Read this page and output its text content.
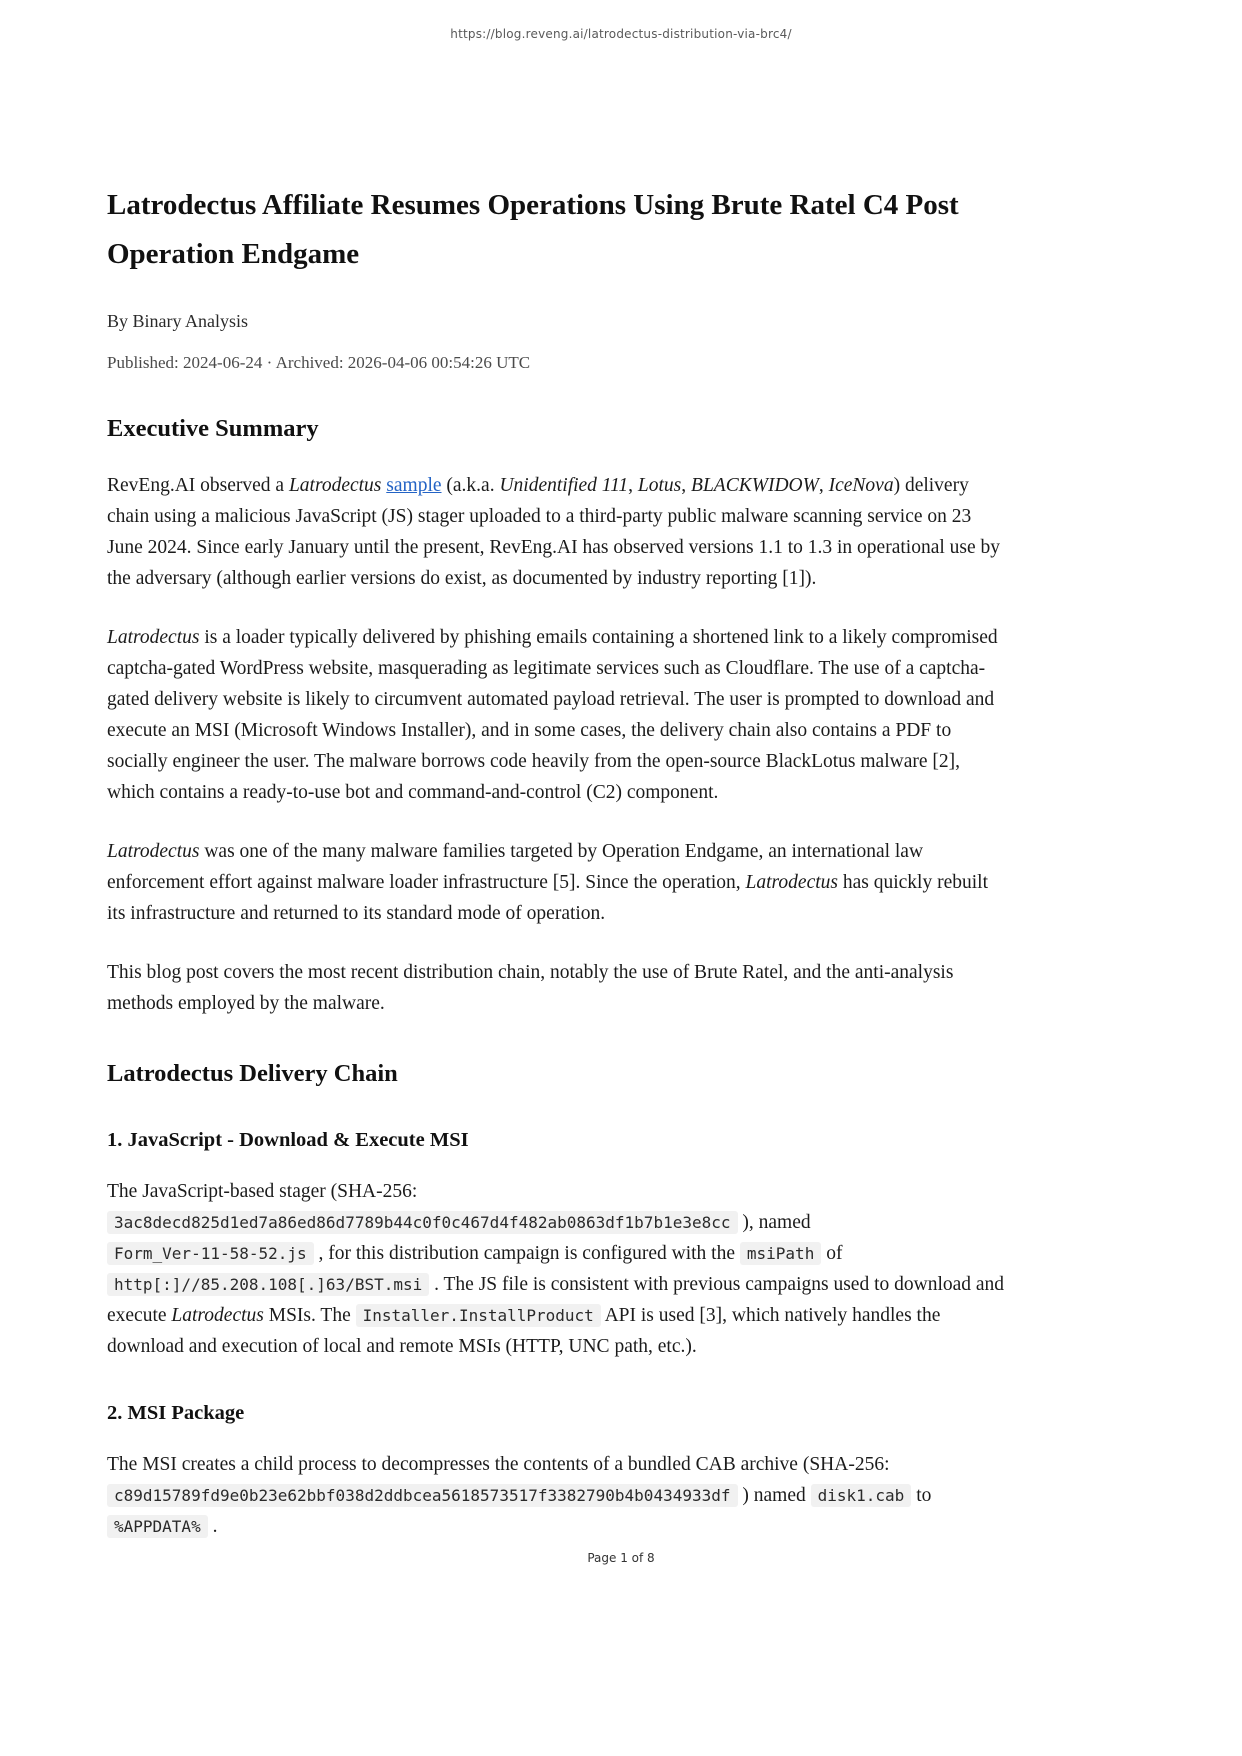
https://blog.reveng.ai/latrodectus-distribution-via-brc4/
Latrodectus Affiliate Resumes Operations Using Brute Ratel C4 Post Operation Endgame

By Binary Analysis

Published: 2024-06-24 · Archived: 2026-04-06 00:54:26 UTC

Executive Summary

RevEng.AI observed a Latrodectus sample (a.k.a. Unidentified 111, Lotus, BLACKWIDOW, IceNova) delivery chain using a malicious JavaScript (JS) stager uploaded to a third-party public malware scanning service on 23 June 2024. Since early January until the present, RevEng.AI has observed versions 1.1 to 1.3 in operational use by the adversary (although earlier versions do exist, as documented by industry reporting [1]).

Latrodectus is a loader typically delivered by phishing emails containing a shortened link to a likely compromised captcha-gated WordPress website, masquerading as legitimate services such as Cloudflare. The use of a captcha-gated delivery website is likely to circumvent automated payload retrieval. The user is prompted to download and execute an MSI (Microsoft Windows Installer), and in some cases, the delivery chain also contains a PDF to socially engineer the user. The malware borrows code heavily from the open-source BlackLotus malware [2], which contains a ready-to-use bot and command-and-control (C2) component.

Latrodectus was one of the many malware families targeted by Operation Endgame, an international law enforcement effort against malware loader infrastructure [5]. Since the operation, Latrodectus has quickly rebuilt its infrastructure and returned to its standard mode of operation.

This blog post covers the most recent distribution chain, notably the use of Brute Ratel, and the anti-analysis methods employed by the malware.

Latrodectus Delivery Chain
1. JavaScript - Download & Execute MSI

The JavaScript-based stager (SHA-256: 3ac8decd825d1ed7a86ed86d7789b44c0f0c467d4f482ab0863df1b7b1e3e8cc ), named Form_Ver-11-58-52.js , for this distribution campaign is configured with the msiPath of http[:]//85.208.108[.]63/BST.msi . The JS file is consistent with previous campaigns used to download and execute Latrodectus MSIs. The Installer.InstallProduct API is used [3], which natively handles the download and execution of local and remote MSIs (HTTP, UNC path, etc.).

2. MSI Package

The MSI creates a child process to decompresses the contents of a bundled CAB archive (SHA-256: c89d15789fd9e0b23e62bbf038d2ddbcea5618573517f3382790b4b0434933df ) named disk1.cab to %APPDATA% .

Page 1 of 8
